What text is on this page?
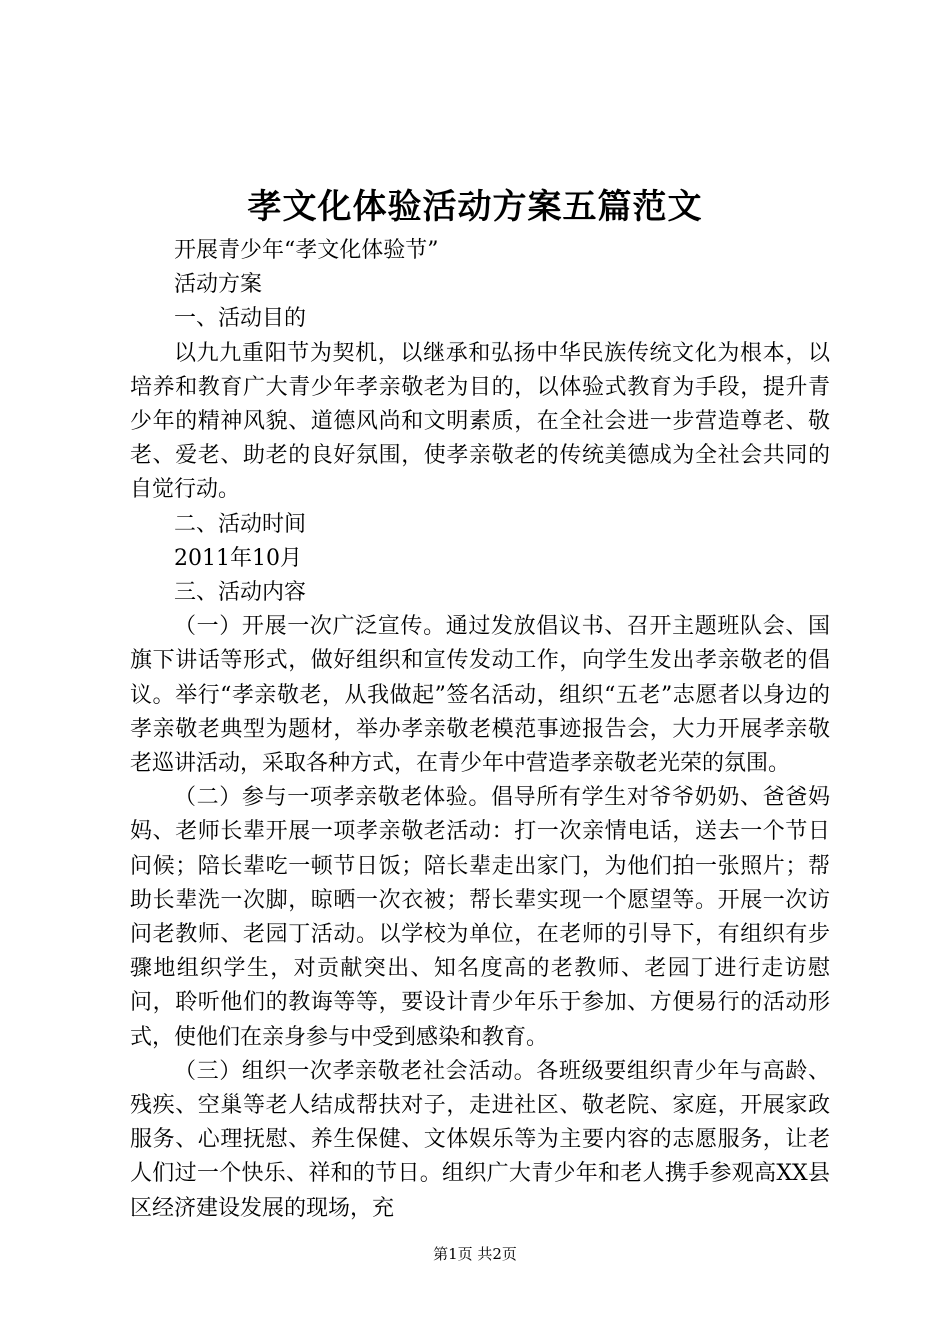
孝文化体验活动方案五篇范文

开展青少年“孝文化体验节”

活动方案

一、活动目的

以九九重阳节为契机，以继承和弘扬中华民族传统文化为根本，以培养和教育广大青少年孝亲敬老为目的，以体验式教育为手段，提升青少年的精神风貌、道德风尚和文明素质，在全社会进一步营造尊老、敬老、爱老、助老的良好氛围，使孝亲敬老的传统美德成为全社会共同的自觉行动。

二、活动时间

2011年10月

三、活动内容

（一）开展一次广泛宣传。通过发放倡议书、召开主题班队会、国旗下讲话等形式，做好组织和宣传发动工作，向学生发出孝亲敬老的倡议。举行“孝亲敬老，从我做起”签名活动，组织“五老”志愿者以身边的孝亲敬老典型为题材，举办孝亲敬老模范事迹报告会，大力开展孝亲敬老巡讲活动，采取各种方式，在青少年中营造孝亲敬老光荣的氛围。

（二）参与一项孝亲敬老体验。倡导所有学生对爷爷奶奶、爸爸妈妈、老师长辈开展一项孝亲敬老活动：打一次亲情电话，送去一个节日问候；陪长辈吃一顿节日饭；陪长辈走出家门，为他们拍一张照片；帮助长辈洗一次脚，晾晒一次衣被；帮长辈实现一个愿望等。开展一次访问老教师、老园丁活动。以学校为单位，在老师的引导下，有组织有步骤地组织学生，对贡献突出、知名度高的老教师、老园丁进行走访慰问，聆听他们的教诲等等，要设计青少年乐于参加、方便易行的活动形式，使他们在亲身参与中受到感染和教育。

（三）组织一次孝亲敬老社会活动。各班级要组织青少年与高龄、残疾、空巢等老人结成帮扶对子，走进社区、敬老院、家庭，开展家政服务、心理抚慰、养生保健、文体娱乐等为主要内容的志愿服务，让老人们过一个快乐、祥和的节日。组织广大青少年和老人携手参观高XX县区经济建设发展的现场，充

第1页 共2页
